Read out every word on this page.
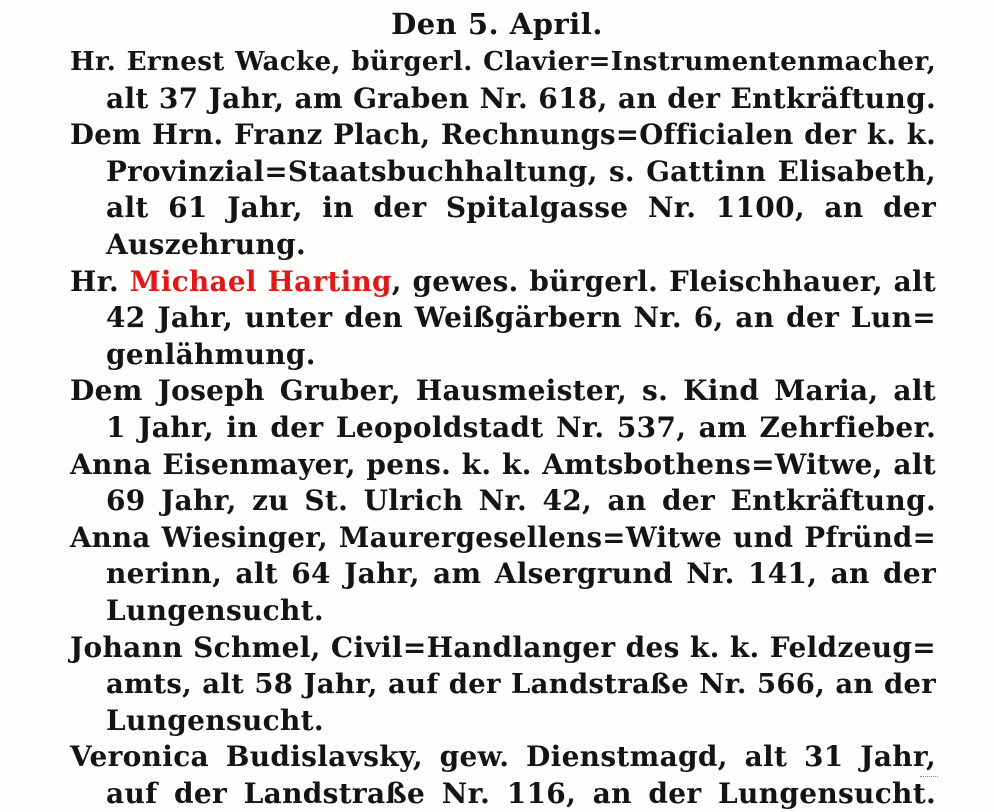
Den 5. April.
Hr. Ernest Wacke, bürgerl. Clavier=Instrumentenmacher,
alt 37 Jahr, am Graben Nr. 618, an der Entkräftung.
Dem Hrn. Franz Plach, Rechnungs=Officialen der k. k.
Provinzial=Staatsbuchhaltung, s. Gattinn Elisabeth,
alt 61 Jahr, in der Spitalgasse Nr. 1100, an der
Auszehrung.
Hr. Michael Harting, gewes. bürgerl. Fleischhauer, alt
42 Jahr, unter den Weißgärbern Nr. 6, an der Lun=
genlähmung.
Dem Joseph Gruber, Hausmeister, s. Kind Maria, alt
1 Jahr, in der Leopoldstadt Nr. 537, am Zehrfieber.
Anna Eisenmayer, pens. k. k. Amtsbothens=Witwe, alt
69 Jahr, zu St. Ulrich Nr. 42, an der Entkräftung.
Anna Wiesinger, Maurergesellens=Witwe und Pfründ=
nerinn, alt 64 Jahr, am Alsergrund Nr. 141, an der
Lungensucht.
Johann Schmel, Civil=Handlanger des k. k. Feldzeug=
amts, alt 58 Jahr, auf der Landstraße Nr. 566, an der
Lungensucht.
Veronica Budislavsky, gew. Dienstmagd, alt 31 Jahr,
auf der Landstraße Nr. 116, an der Lungensucht.
